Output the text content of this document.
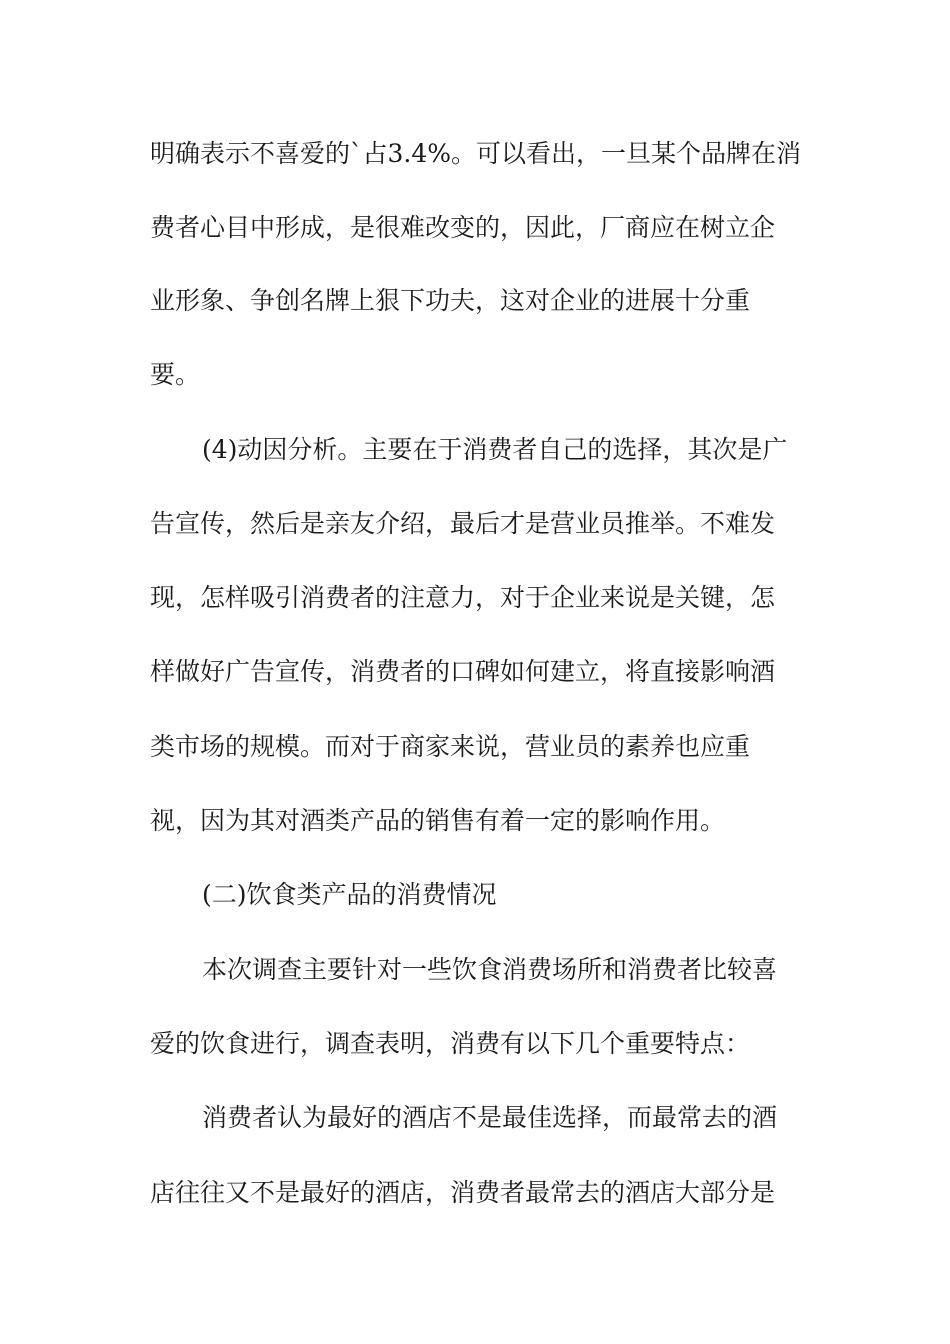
明确表示不喜爱的`占3.4%。可以看出，一旦某个品牌在消
费者心目中形成，是很难改变的，因此，厂商应在树立企
业形象、争创名牌上狠下功夫，这对企业的进展十分重
要。
(4)动因分析。主要在于消费者自己的选择，其次是广
告宣传，然后是亲友介绍，最后才是营业员推举。不难发
现，怎样吸引消费者的注意力，对于企业来说是关键，怎
样做好广告宣传，消费者的口碑如何建立，将直接影响酒
类市场的规模。而对于商家来说，营业员的素养也应重
视，因为其对酒类产品的销售有着一定的影响作用。
(二)饮食类产品的消费情况
本次调查主要针对一些饮食消费场所和消费者比较喜
爱的饮食进行，调查表明，消费有以下几个重要特点：
消费者认为最好的酒店不是最佳选择，而最常去的酒
店往往又不是最好的酒店，消费者最常去的酒店大部分是
